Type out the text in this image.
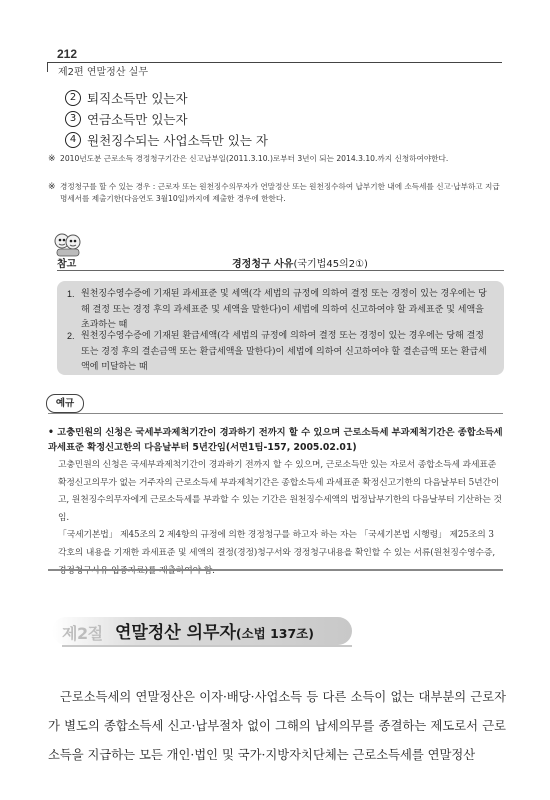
212
제2편 연말정산 실무
2 퇴직소득만 있는자
3 연금소득만 있는자
4 원천징수되는 사업소득만 있는 자
※ 2010년도분 근로소득 경정청구기간은 신고납부일(2011.3.10.)로부터 3년이 되는 2014.3.10.까지 신청하여야한다.
※ 경정청구를 할 수 있는 경우 : 근로자 또는 원천징수의무자가 연말정산 또는 원천징수하여 납부기한 내에 소득세를 신고·납부하고 지급명세서를 제출기한(다음연도 3월10일)까지에 제출한 경우에 한한다.
참고	경정청구 사유(국기법45의2①)
1. 원천징수영수증에 기재된 과세표준 및 세액(각 세법의 규정에 의하여 결정 또는 경정이 있는 경우에는 당해 결정 또는 경정 후의 과세표준 및 세액을 말한다)이 세법에 의하여 신고하여야 할 과세표준 및 세액을 초과하는 때
2. 원천징수영수증에 기재된 환급세액(각 세법의 규정에 의하여 결정 또는 경정이 있는 경우에는 당해 결정 또는 경정 후의 결손금액 또는 환급세액을 말한다)이 세법에 의하여 신고하여야 할 결손금액 또는 환급세액에 미달하는 때
예규
• 고충민원의 신청은 국세부과제척기간이 경과하기 전까지 할 수 있으며 근로소득세 부과제척기간은 종합소득세 과세표준 확정신고한의 다음날부터 5년간임(서면1팀-157, 2005.02.01)

고충민원의 신청은 국세부과제척기간이 경과하기 전까지 할 수 있으며, 근로소득만 있는 자로서 종합소득세 과세표준 확정신고의무가 없는 거주자의 근로소득세 부과제척기간은 종합소득세 과세표준 확정신고기한의 다음날부터 5년간이고, 원천징수의무자에게 근로소득세를 부과할 수 있는 기간은 원천징수세액의 법정납부기한의 다음날부터 기산하는 것임.

「국세기본법」 제45조의 2 제4항의 규정에 의한 경정청구를 하고자 하는 자는 「국세기본법 시행령」 제25조의 3 각호의 내용을 기재한 과세표준 및 세액의 결정(경정)청구서와 경정청구내용을 확인할 수 있는 서류(원천징수영수증, 경정청구사유 입증자료)를 제출하여야 함.

제2절 연말정산 의무자(소법 137조)

근로소득세의 연말정산은 이자·배당·사업소득 등 다른 소득이 없는 대부분의 근로자가 별도의 종합소득세 신고·납부절차 없이 그해의 납세의무를 종결하는 제도로서 근로소득을 지급하는 모든 개인·법인 및 국가·지방자치단체는 근로소득세를 연말정산
